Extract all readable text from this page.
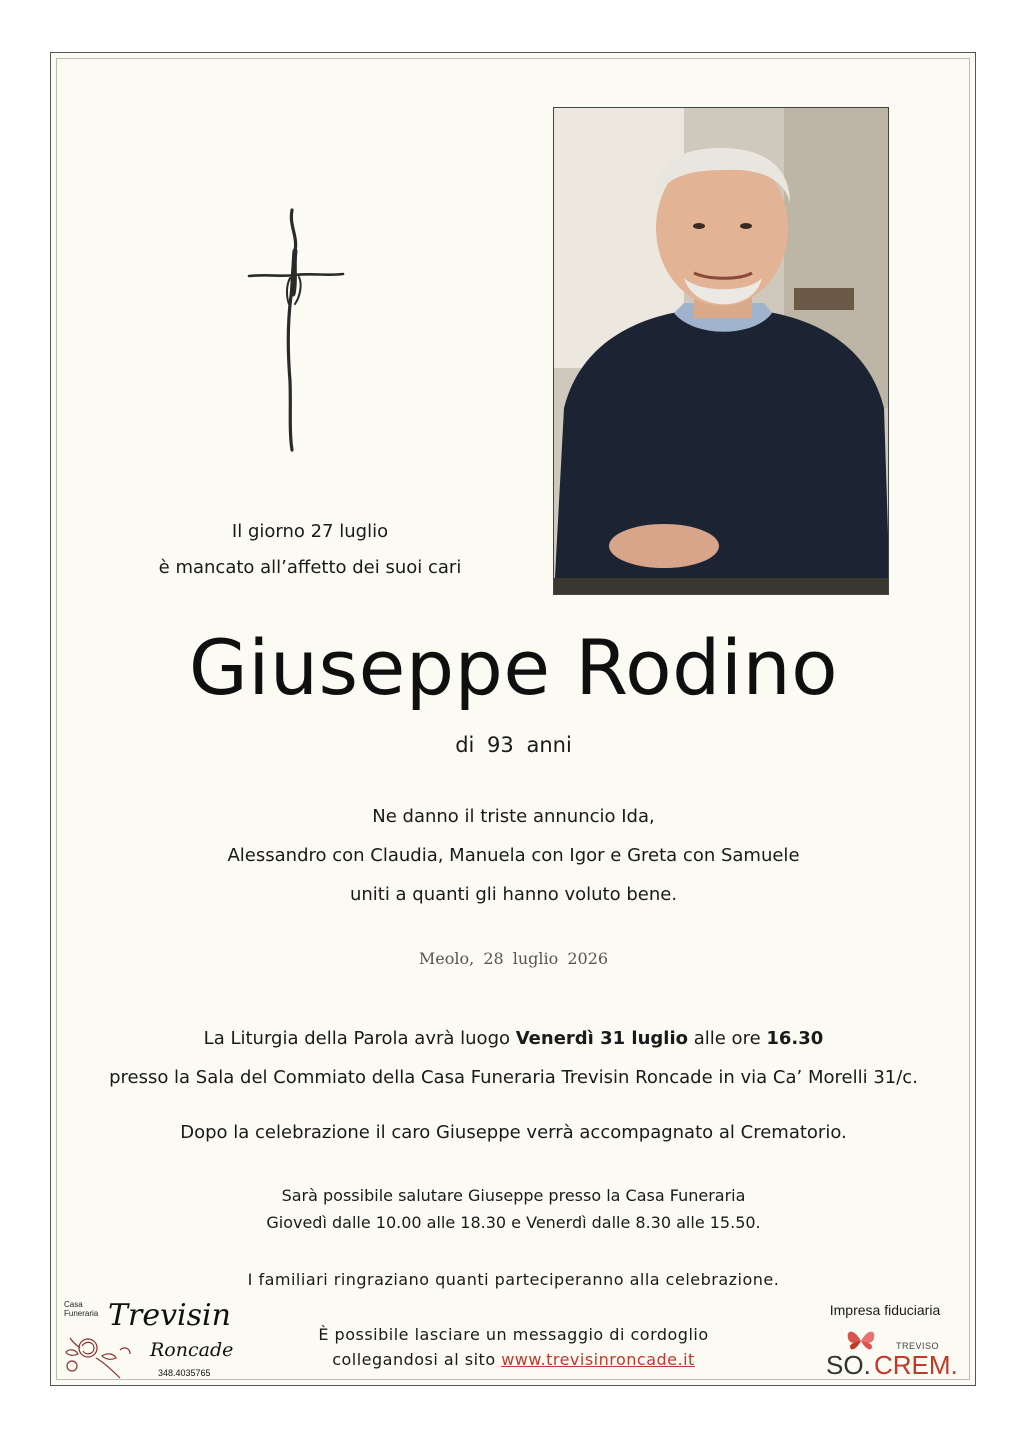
Il giorno 27 luglio
è mancato all’affetto dei suoi cari
Giuseppe Rodino
di 93 anni
Ne danno il triste annuncio Ida,
Alessandro con Claudia, Manuela con Igor e Greta con Samuele
uniti a quanti gli hanno voluto bene.
Meolo, 28 luglio 2026
La Liturgia della Parola avrà luogo Venerdì 31 luglio alle ore 16.30
presso la Sala del Commiato della Casa Funeraria Trevisin Roncade in via Ca’ Morelli 31/c.
Dopo la celebrazione il caro Giuseppe verrà accompagnato al Crematorio.
Sarà possibile salutare Giuseppe presso la Casa Funeraria
Giovedì dalle 10.00 alle 18.30 e Venerdì dalle 8.30 alle 15.50.
I familiari ringraziano quanti parteciperanno alla celebrazione.
È possibile lasciare un messaggio di cordoglio
collegandosi al sito www.trevisinroncade.it
Casa
Funeraria Trevisin
Roncade
348.4035765
Impresa fiduciaria
TREVISO
SO. CREM.
